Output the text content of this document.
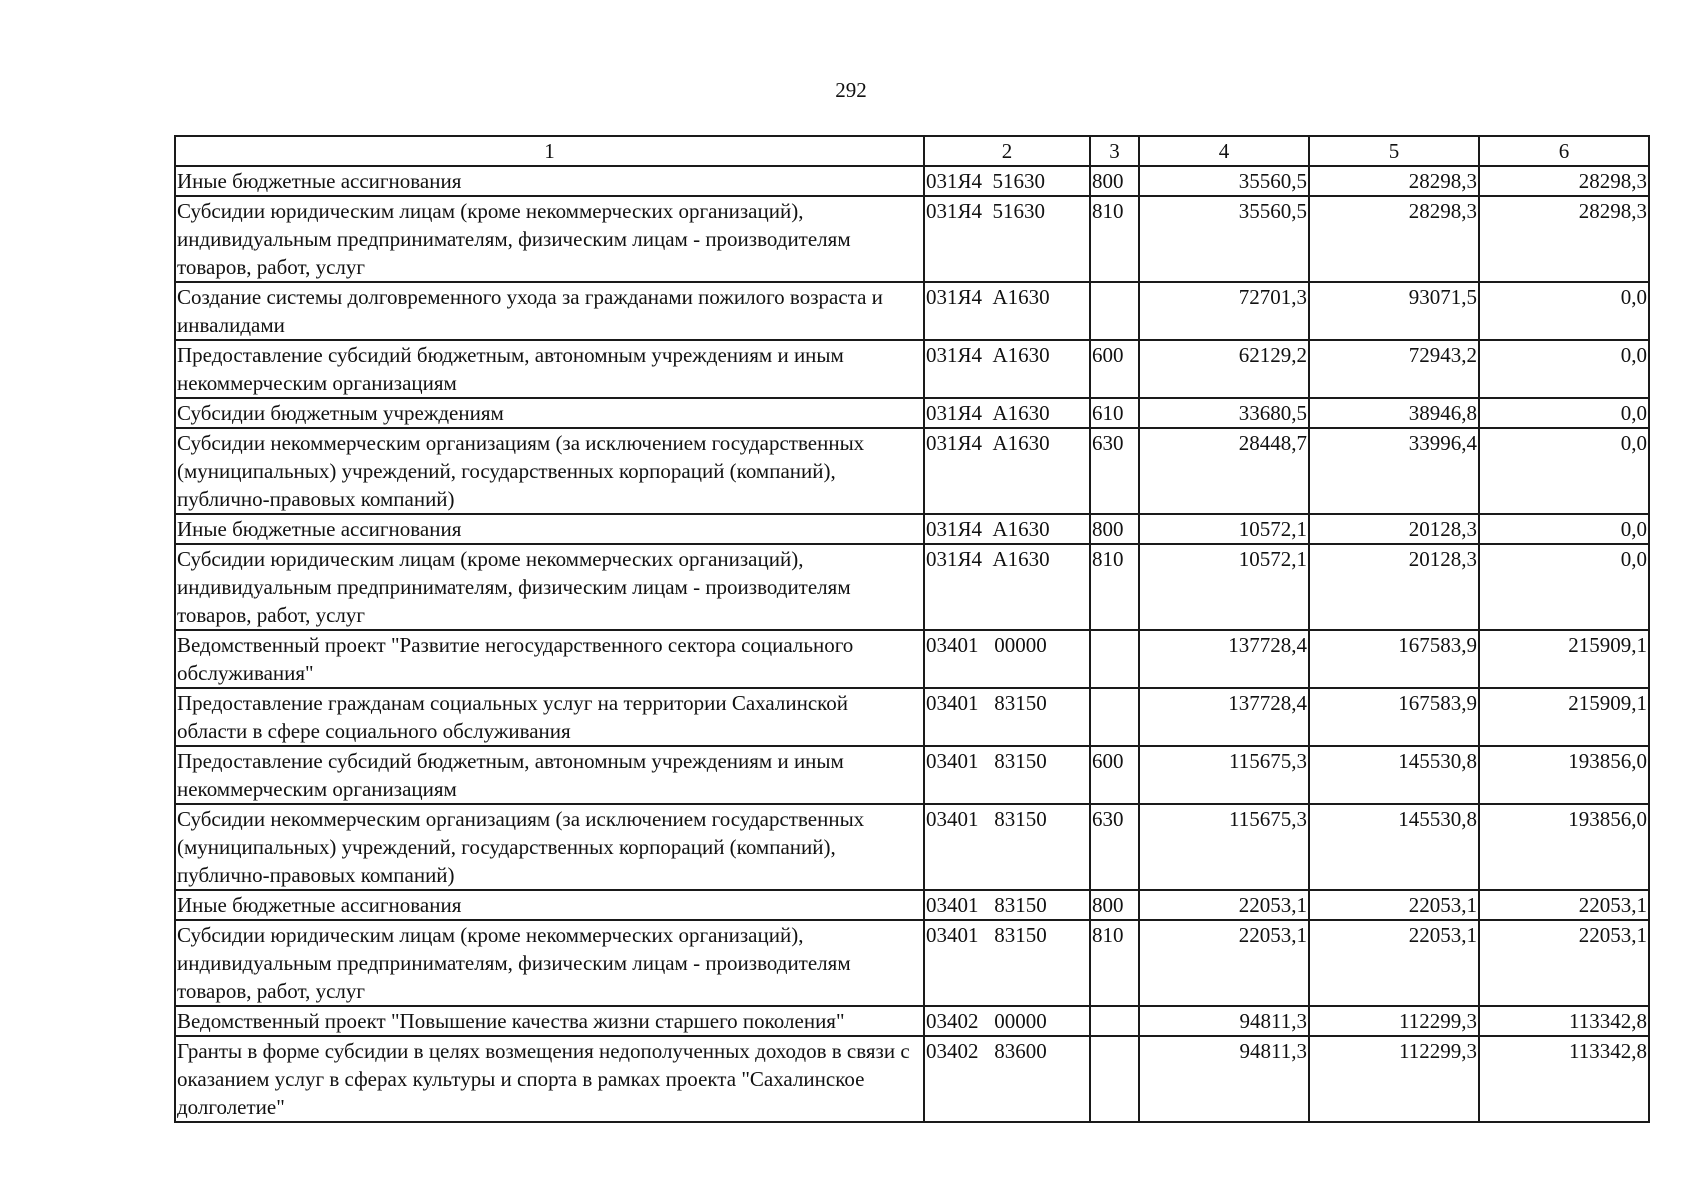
292
1	2	3	4	5	6
Иные бюджетные ассигнования	031Я4  51630	800	35560,5	28298,3	28298,3
Субсидии юридическим лицам (кроме некоммерческих организаций), индивидуальным предпринимателям, физическим лицам - производителям товаров, работ, услуг	031Я4  51630	810	35560,5	28298,3	28298,3
Создание системы долговременного ухода за гражданами пожилого возраста и инвалидами	031Я4  А1630		72701,3	93071,5	0,0
Предоставление субсидий бюджетным, автономным учреждениям и иным некоммерческим организациям	031Я4  А1630	600	62129,2	72943,2	0,0
Субсидии бюджетным учреждениям	031Я4  А1630	610	33680,5	38946,8	0,0
Субсидии некоммерческим организациям (за исключением государственных (муниципальных) учреждений, государственных корпораций (компаний), публично-правовых компаний)	031Я4  А1630	630	28448,7	33996,4	0,0
Иные бюджетные ассигнования	031Я4  А1630	800	10572,1	20128,3	0,0
Субсидии юридическим лицам (кроме некоммерческих организаций), индивидуальным предпринимателям, физическим лицам - производителям товаров, работ, услуг	031Я4  А1630	810	10572,1	20128,3	0,0
Ведомственный проект "Развитие негосударственного сектора социального обслуживания"	03401   00000		137728,4	167583,9	215909,1
Предоставление гражданам социальных услуг на территории Сахалинской области в сфере социального обслуживания	03401   83150		137728,4	167583,9	215909,1
Предоставление субсидий бюджетным, автономным учреждениям и иным некоммерческим организациям	03401   83150	600	115675,3	145530,8	193856,0
Субсидии некоммерческим организациям (за исключением государственных (муниципальных) учреждений, государственных корпораций (компаний), публично-правовых компаний)	03401   83150	630	115675,3	145530,8	193856,0
Иные бюджетные ассигнования	03401   83150	800	22053,1	22053,1	22053,1
Субсидии юридическим лицам (кроме некоммерческих организаций), индивидуальным предпринимателям, физическим лицам - производителям товаров, работ, услуг	03401   83150	810	22053,1	22053,1	22053,1
Ведомственный проект "Повышение качества жизни старшего поколения"	03402   00000		94811,3	112299,3	113342,8
Гранты в форме субсидии в целях возмещения недополученных доходов в связи с оказанием услуг в сферах культуры и спорта в рамках проекта "Сахалинское долголетие"	03402   83600		94811,3	112299,3	113342,8
